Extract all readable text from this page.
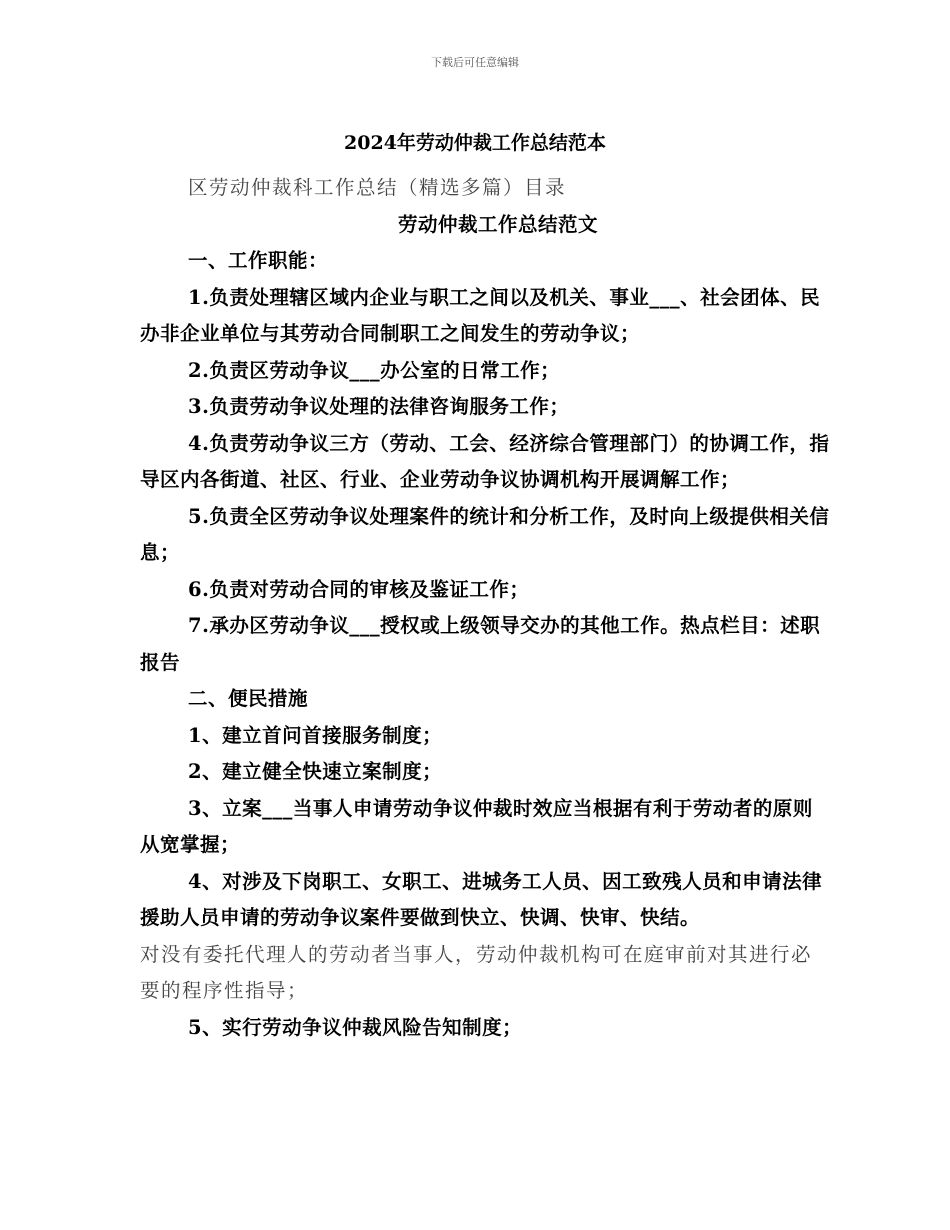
下载后可任意编辑
2024年劳动仲裁工作总结范本

区劳动仲裁科工作总结（精选多篇）目录

劳动仲裁工作总结范文

一、工作职能：

1.负责处理辖区域内企业与职工之间以及机关、事业___、社会团体、民办非企业单位与其劳动合同制职工之间发生的劳动争议；

2.负责区劳动争议___办公室的日常工作；

3.负责劳动争议处理的法律咨询服务工作；

4.负责劳动争议三方（劳动、工会、经济综合管理部门）的协调工作，指导区内各街道、社区、行业、企业劳动争议协调机构开展调解工作；

5.负责全区劳动争议处理案件的统计和分析工作，及时向上级提供相关信息；

6.负责对劳动合同的审核及鉴证工作；

7.承办区劳动争议___授权或上级领导交办的其他工作。热点栏目：述职报告

二、便民措施

1、建立首问首接服务制度；

2、建立健全快速立案制度；

3、立案___当事人申请劳动争议仲裁时效应当根据有利于劳动者的原则从宽掌握；

4、对涉及下岗职工、女职工、进城务工人员、因工致残人员和申请法律援助人员申请的劳动争议案件要做到快立、快调、快审、快结。
对没有委托代理人的劳动者当事人，劳动仲裁机构可在庭审前对其进行必要的程序性指导；

5、实行劳动争议仲裁风险告知制度；
